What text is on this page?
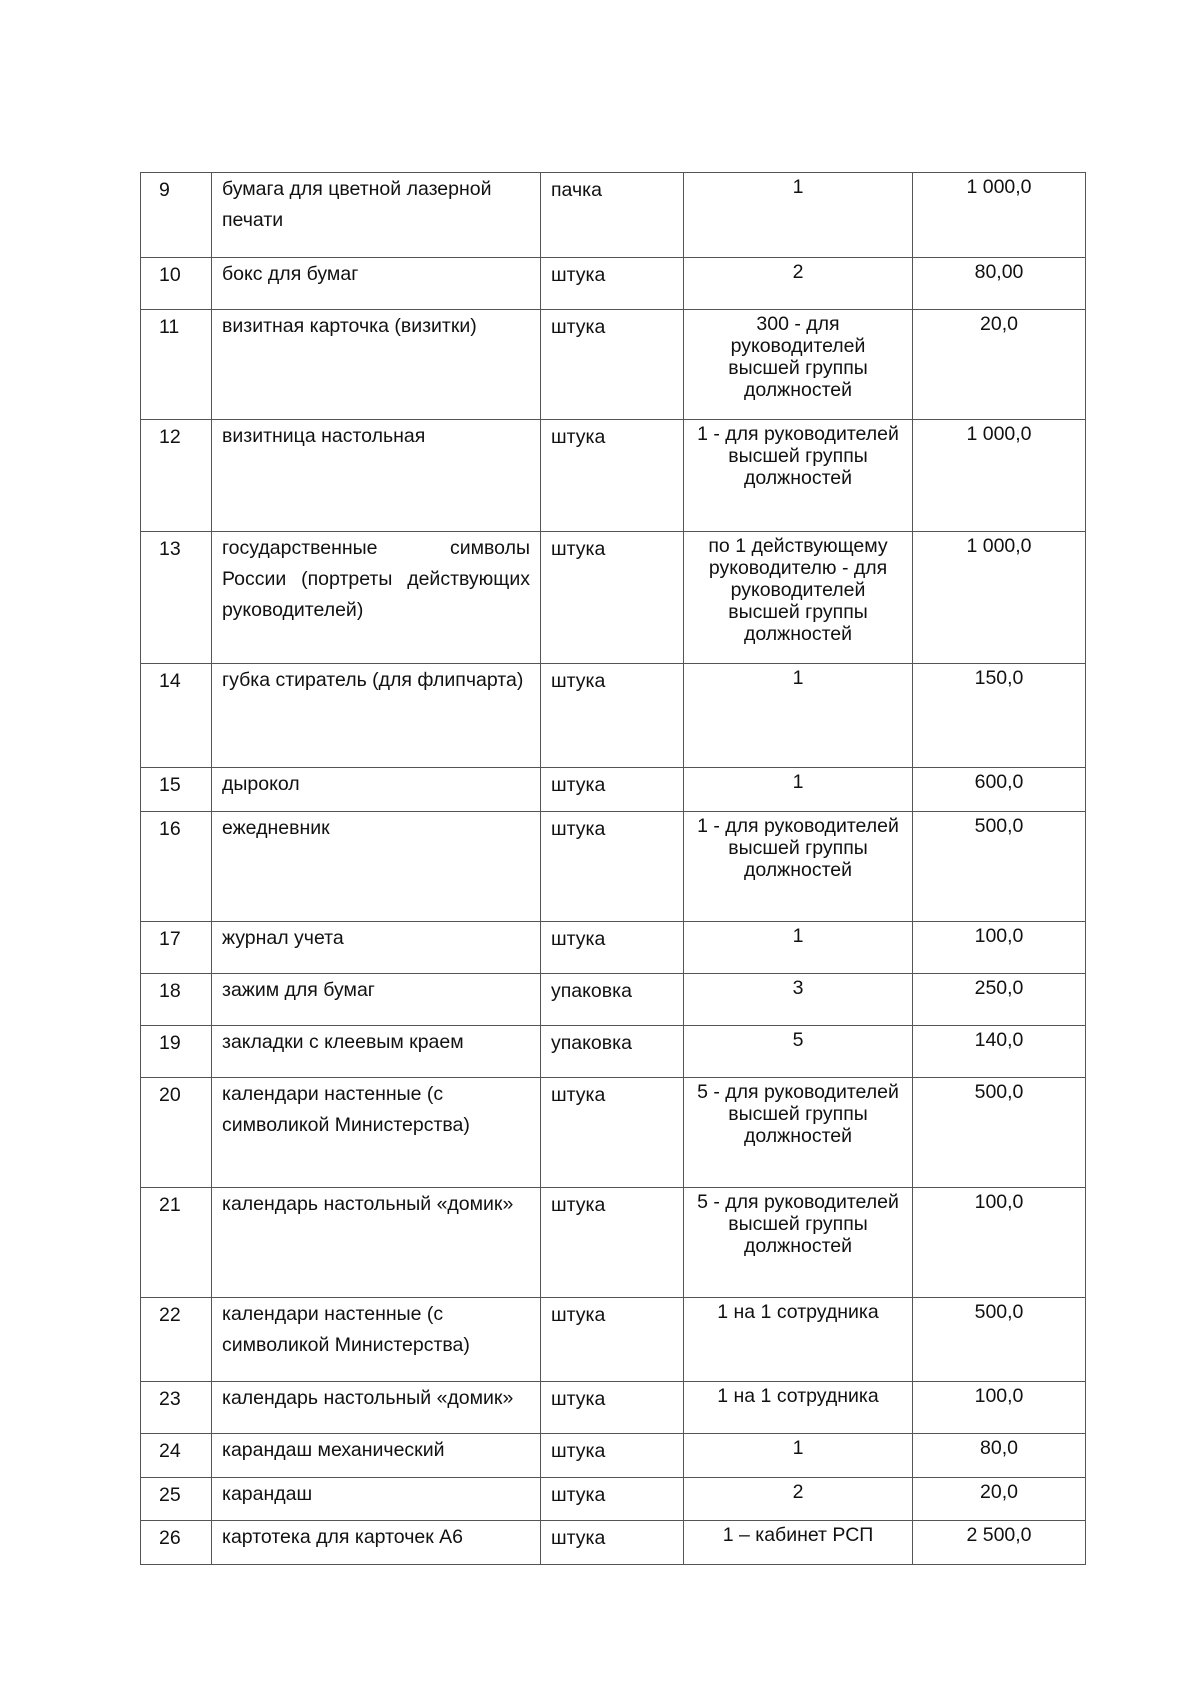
9	бумага для цветной лазерной печати	пачка	1	1 000,0
10	бокс для бумаг	штука	2	80,00
11	визитная карточка (визитки)	штука	300 - для руководителей высшей группы должностей	20,0
12	визитница настольная	штука	1 - для руководителей высшей группы должностей	1 000,0
13	государственные символы России (портреты действующих руководителей)	штука	по 1 действующему руководителю - для руководителей высшей группы должностей	1 000,0
14	губка стиратель (для флипчарта)	штука	1	150,0
15	дырокол	штука	1	600,0
16	ежедневник	штука	1 - для руководителей высшей группы должностей	500,0
17	журнал учета	штука	1	100,0
18	зажим для бумаг	упаковка	3	250,0
19	закладки с клеевым краем	упаковка	5	140,0
20	календари настенные (с символикой Министерства)	штука	5 - для руководителей высшей группы должностей	500,0
21	календарь настольный «домик»	штука	5 - для руководителей высшей группы должностей	100,0
22	календари настенные (с символикой Министерства)	штука	1 на 1 сотрудника	500,0
23	календарь настольный «домик»	штука	1 на 1 сотрудника	100,0
24	карандаш механический	штука	1	80,0
25	карандаш	штука	2	20,0
26	картотека для карточек А6	штука	1 – кабинет РСП	2 500,0
